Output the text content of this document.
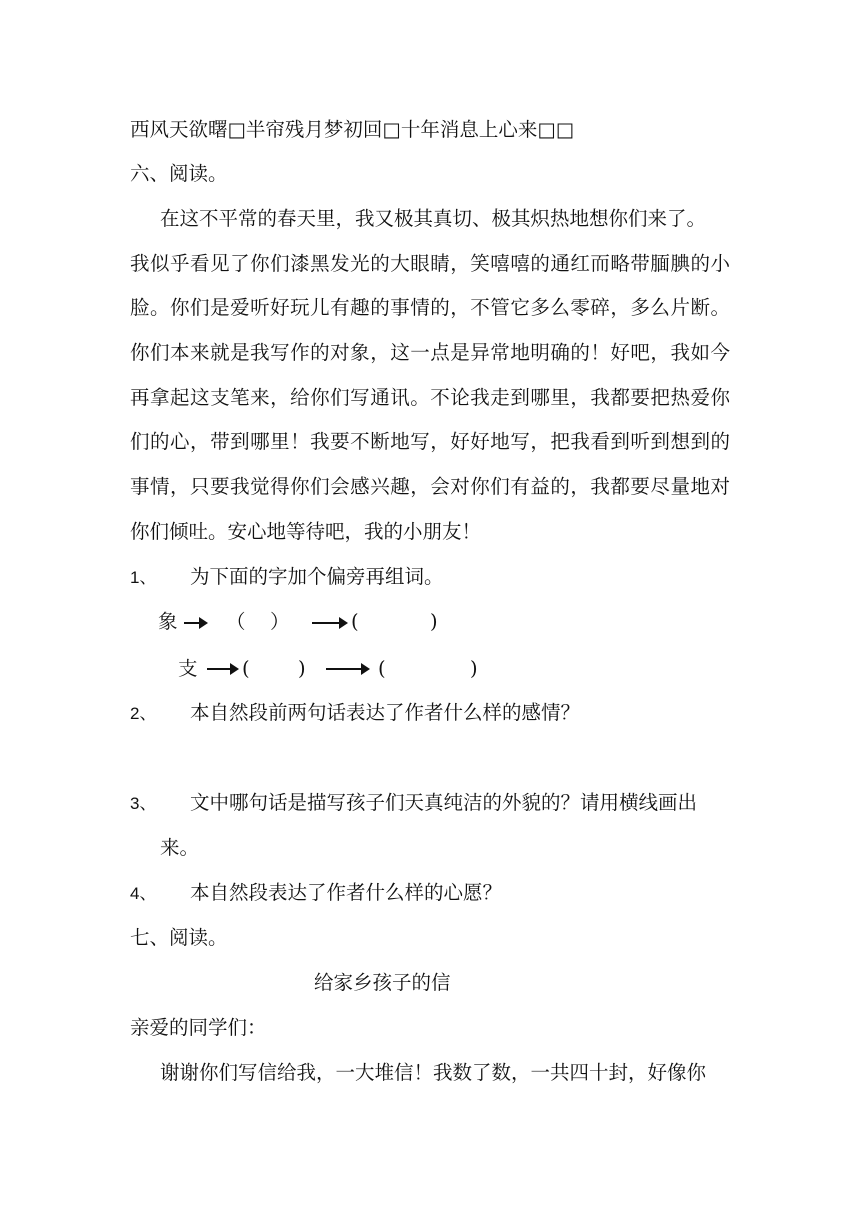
西风天欲曙□半帘残月梦初回□十年消息上心来□□
六、阅读。
在这不平常的春天里，我又极其真切、极其炽热地想你们来了。
我似乎看见了你们漆黑发光的大眼睛，笑嘻嘻的通红而略带腼腆的小
脸。你们是爱听好玩儿有趣的事情的，不管它多么零碎，多么片断。
你们本来就是我写作的对象，这一点是异常地明确的！好吧，我如今
再拿起这支笔来，给你们写通讯。不论我走到哪里，我都要把热爱你
们的心，带到哪里！我要不断地写，好好地写，把我看到听到想到的
事情，只要我觉得你们会感兴趣，会对你们有益的，我都要尽量地对
你们倾吐。安心地等待吧，我的小朋友！
1、 为下面的字加个偏旁再组词。
象 （ ）	(	)
支 ( )	(	)
2、 本自然段前两句话表达了作者什么样的感情？
3、 文中哪句话是描写孩子们天真纯洁的外貌的？请用横线画出
来。
4、 本自然段表达了作者什么样的心愿？
七、阅读。
给家乡孩子的信
亲爱的同学们：
谢谢你们写信给我，一大堆信！我数了数，一共四十封，好像你
